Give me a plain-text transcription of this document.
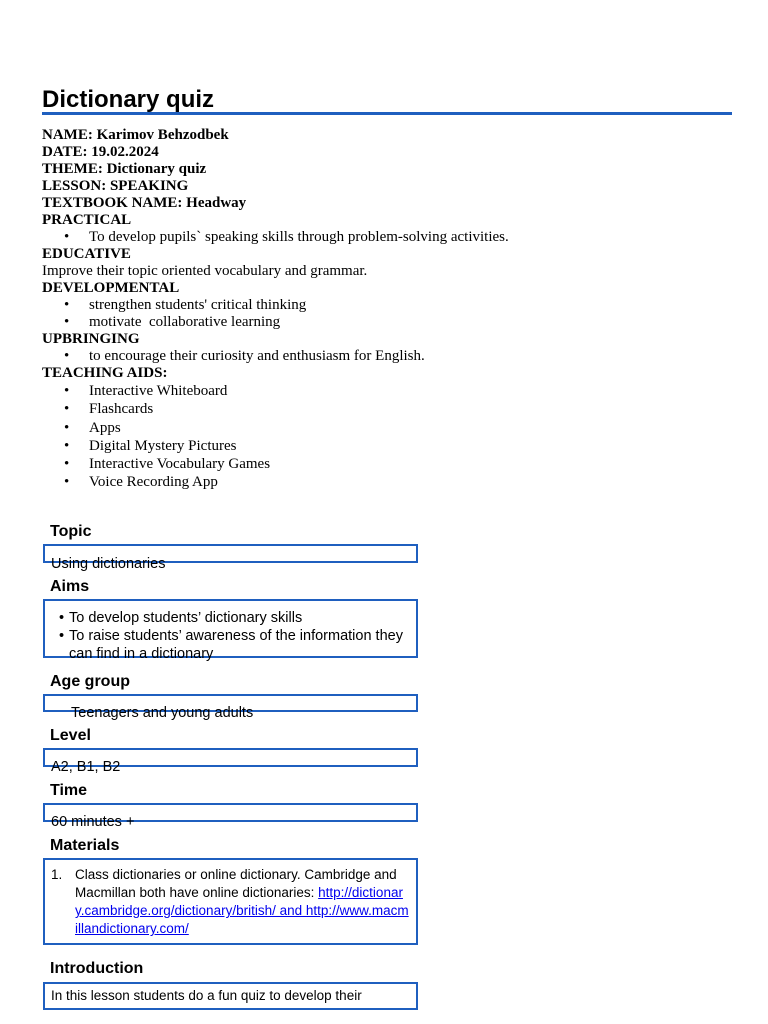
Dictionary quiz
NAME: Karimov Behzodbek
DATE: 19.02.2024
THEME: Dictionary quiz
LESSON: SPEAKING
TEXTBOOK NAME: Headway
PRACTICAL
• To develop pupils` speaking skills through problem-solving activities.
EDUCATIVE
Improve their topic oriented vocabulary and grammar.
DEVELOPMENTAL
• strengthen students' critical thinking
• motivate  collaborative learning
UPBRINGING
• to encourage their curiosity and enthusiasm for English.
TEACHING AIDS:
• Interactive Whiteboard
• Flashcards
• Apps
• Digital Mystery Pictures
• Interactive Vocabulary Games
• Voice Recording App
Topic
Using dictionaries
Aims
• To develop students’ dictionary skills
• To raise students’ awareness of the information they can find in a dictionary
Age group
Teenagers and young adults
Level
A2, B1, B2
Time
60 minutes +
Materials
1. Class dictionaries or online dictionary. Cambridge and Macmillan both have online dictionaries: http://dictionary.cambridge.org/dictionary/british/ and http://www.macmillandictionary.com/
Introduction
In this lesson students do a fun quiz to develop their
